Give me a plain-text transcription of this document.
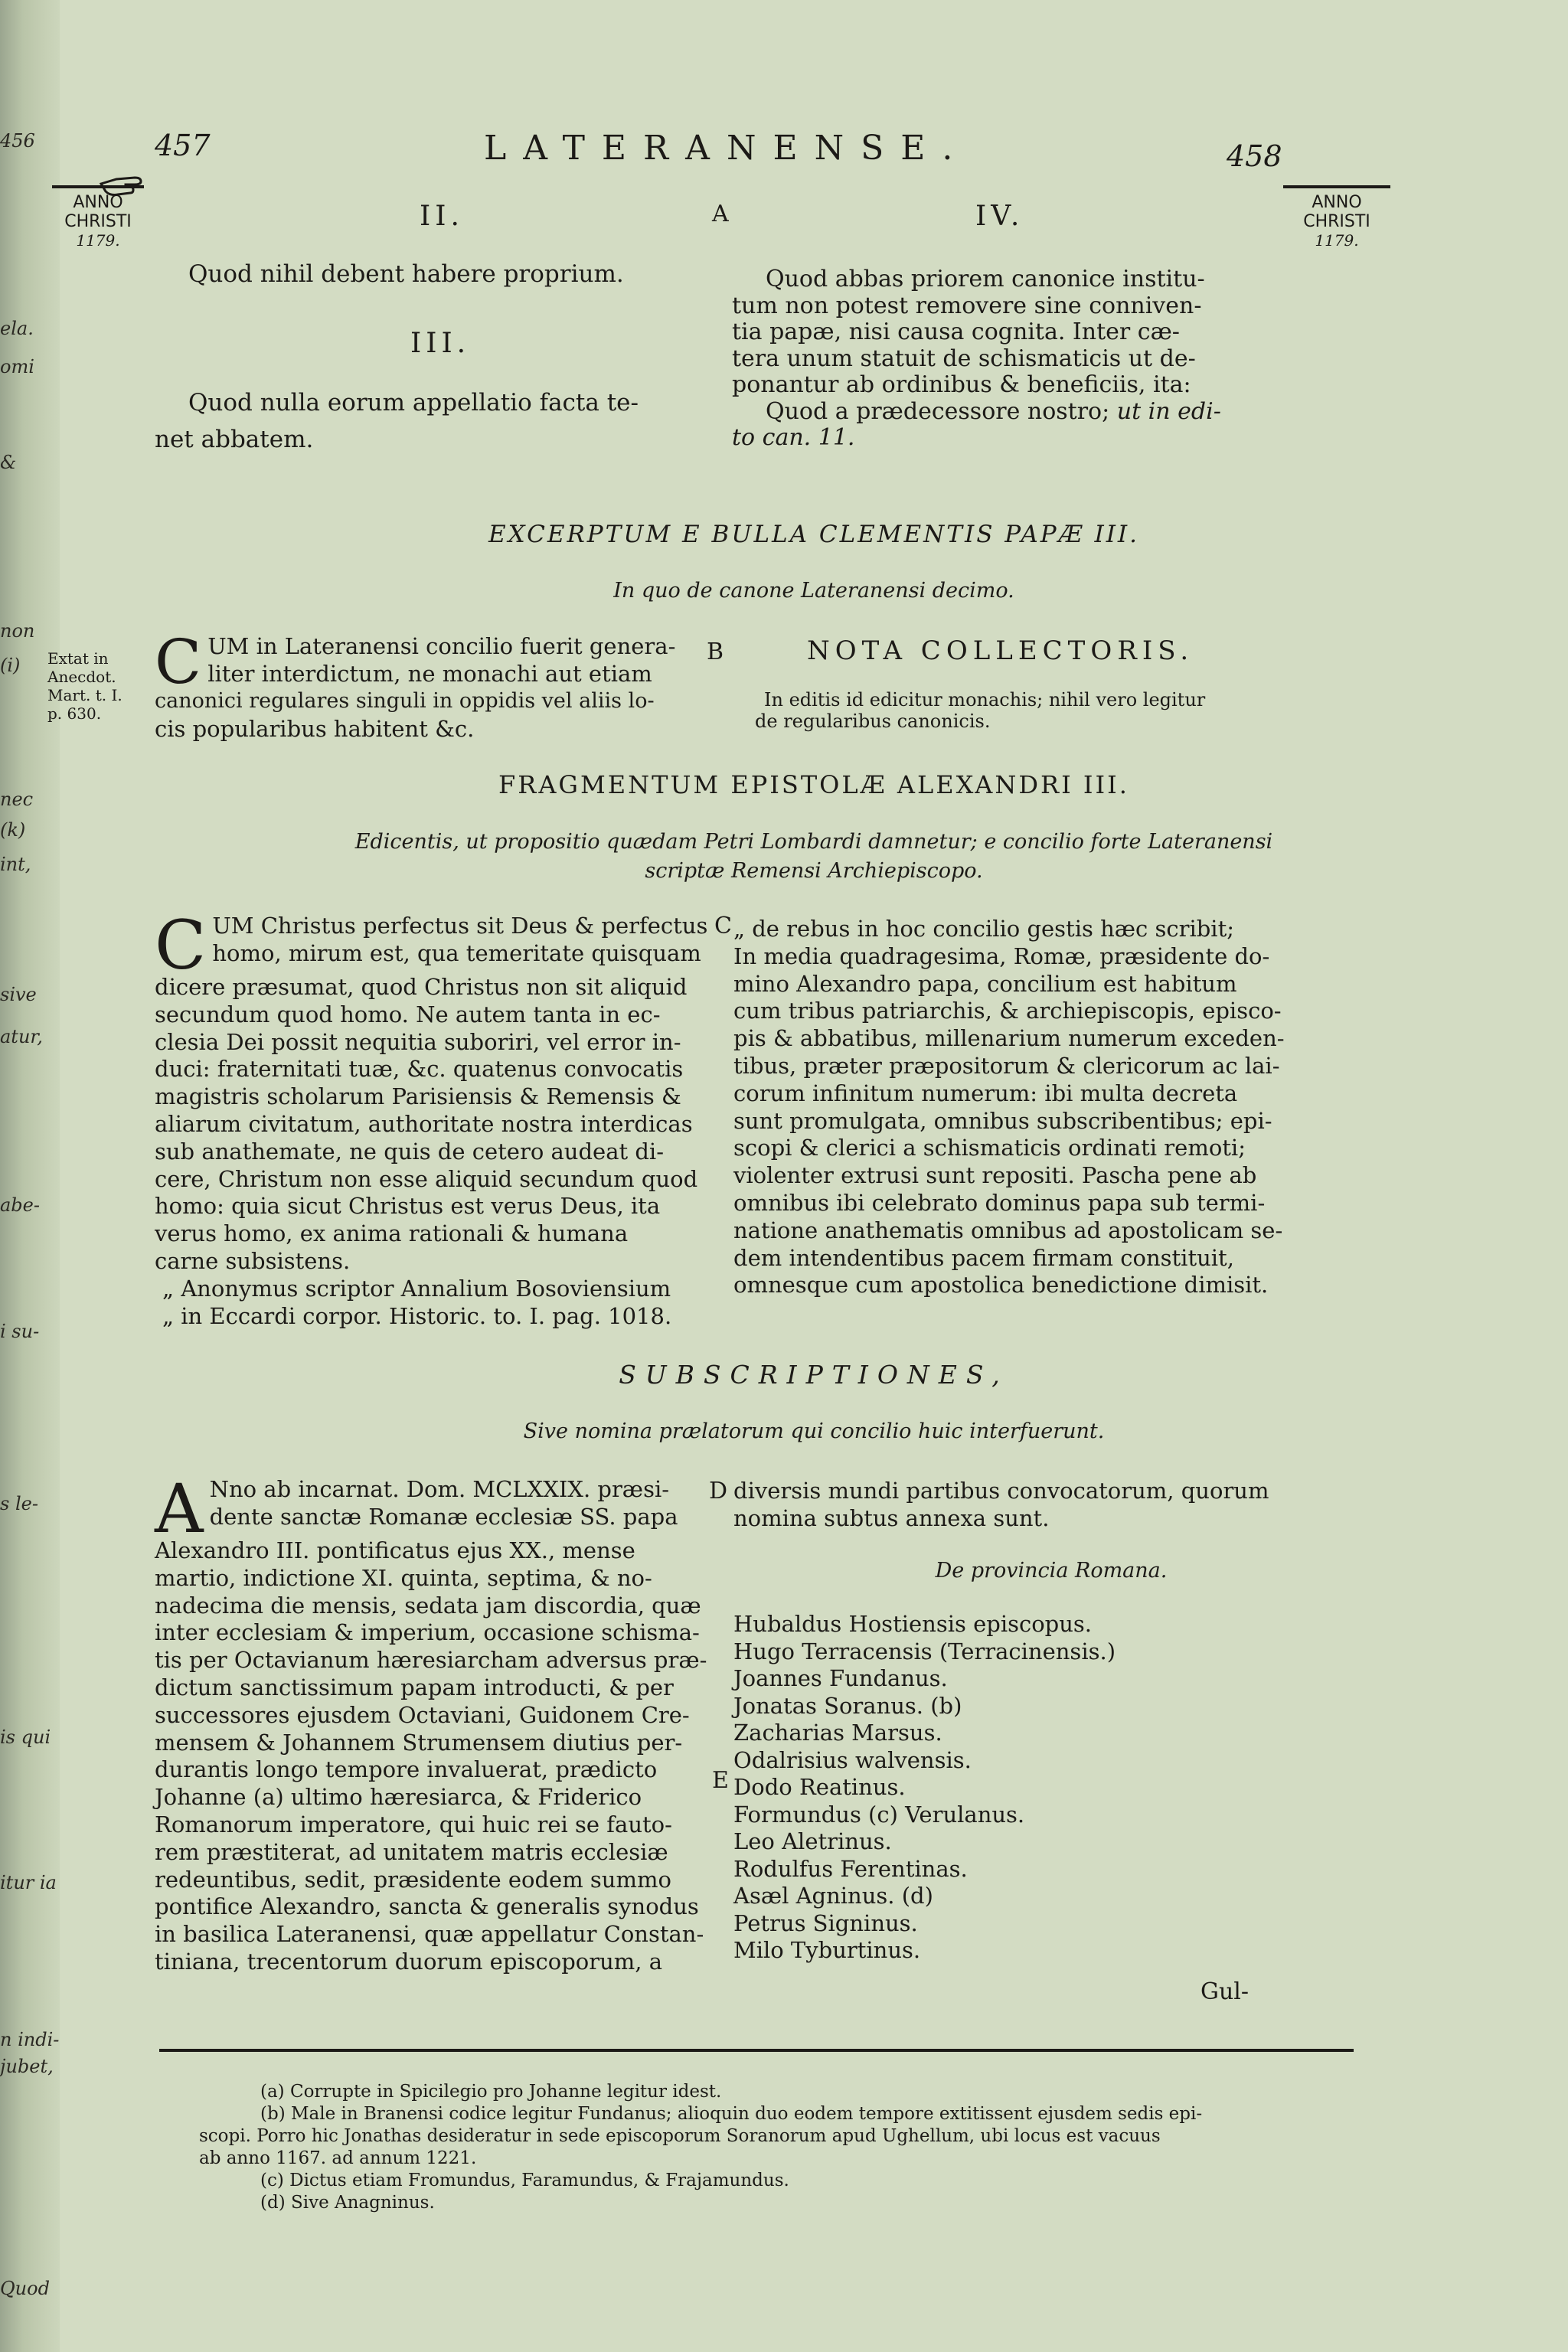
456
ela.
omi
&
non
(i)
nec
(k)
int,
sive
atur,
abe-
i su-
s le-
is qui
itur ia
n indi-
jubet,
Quod
457	LATERANENSE.	458
ANNO
CHRISTI
1179.
ANNO
CHRISTI
1179.
A
B
C
D
E
II.

Quod nihil debent habere proprium.

III.

Quod nulla eorum appellatio facta te-

net abbatem.

IV.
Quod abbas priorem canonice institu-
tum non potest removere sine conniven-
tia papæ, nisi causa cognita. Inter cæ-
tera unum statuit de schismaticis ut de-
ponantur ab ordinibus & beneficiis, ita:
Quod a prædecessore nostro; ut in edi-
to can. 11.
EXCERPTUM E BULLA CLEMENTIS PAPÆ III.
In quo de canone Lateranensi decimo.
Extat in
Anecdot.
Mart. t. I.
p. 630.
C UM in Lateranensi concilio fuerit genera-
liter interdictum, ne monachi aut etiam
canonici regulares singuli in oppidis vel aliis lo-
cis popularibus habitent &c.
NOTA COLLECTORIS.
In editis id edicitur monachis; nihil vero legitur
de regularibus canonicis.
FRAGMENTUM EPISTOLÆ ALEXANDRI III.
Edicentis, ut propositio quædam Petri Lombardi damnetur; e concilio forte Lateranensi
scriptæ Remensi Archiepiscopo.
C UM Christus perfectus sit Deus & perfectus
homo, mirum est, qua temeritate quisquam
dicere præsumat, quod Christus non sit aliquid
secundum quod homo. Ne autem tanta in ec-
clesia Dei possit nequitia suboriri, vel error in-
duci: fraternitati tuæ, &c. quatenus convocatis
magistris scholarum Parisiensis & Remensis &
aliarum civitatum, authoritate nostra interdicas
sub anathemate, ne quis de cetero audeat di-
cere, Christum non esse aliquid secundum quod
homo: quia sicut Christus est verus Deus, ita
verus homo, ex anima rationali & humana
carne subsistens.
„ Anonymus scriptor Annalium Bosoviensium
„ in Eccardi corpor. Historic. to. I. pag. 1018.
„ de rebus in hoc concilio gestis hæc scribit;
In media quadragesima, Romæ, præsidente do-
mino Alexandro papa, concilium est habitum
cum tribus patriarchis, & archiepiscopis, episco-
pis & abbatibus, millenarium numerum exceden-
tibus, præter præpositorum & clericorum ac lai-
corum infinitum numerum: ibi multa decreta
sunt promulgata, omnibus subscribentibus; epi-
scopi & clerici a schismaticis ordinati remoti;
violenter extrusi sunt repositi. Pascha pene ab
omnibus ibi celebrato dominus papa sub termi-
natione anathematis omnibus ad apostolicam se-
dem intendentibus pacem firmam constituit,
omnesque cum apostolica benedictione dimisit.
SUBSCRIPTIONES,
Sive nomina prælatorum qui concilio huic interfuerunt.
A Nno ab incarnat. Dom. MCLXXIX. præsi-
dente sanctæ Romanæ ecclesiæ SS. papa
Alexandro III. pontificatus ejus XX., mense
martio, indictione XI. quinta, septima, & no-
nadecima die mensis, sedata jam discordia, quæ
inter ecclesiam & imperium, occasione schisma-
tis per Octavianum hæresiarcham adversus præ-
dictum sanctissimum papam introducti, & per
successores ejusdem Octaviani, Guidonem Cre-
mensem & Johannem Strumensem diutius per-
durantis longo tempore invaluerat, prædicto
Johanne (a) ultimo hæresiarca, & Friderico
Romanorum imperatore, qui huic rei se fauto-
rem præstiterat, ad unitatem matris ecclesiæ
redeuntibus, sedit, præsidente eodem summo
pontifice Alexandro, sancta & generalis synodus
in basilica Lateranensi, quæ appellatur Constan-
tiniana, trecentorum duorum episcoporum, a
diversis mundi partibus convocatorum, quorum
nomina subtus annexa sunt.
De provincia Romana.
Hubaldus Hostiensis episcopus.
Hugo Terracensis (Terracinensis.)
Joannes Fundanus.
Jonatas Soranus. (b)
Zacharias Marsus.
Odalrisius walvensis.
Dodo Reatinus.
Formundus (c) Verulanus.
Leo Aletrinus.
Rodulfus Ferentinas.
Asæl Agninus. (d)
Petrus Signinus.
Milo Tyburtinus.
Gul-
(a) Corrupte in Spicilegio pro Johanne legitur idest.
(b) Male in Branensi codice legitur Fundanus; alioquin duo eodem tempore extitissent ejusdem sedis epi-
scopi. Porro hic Jonathas desideratur in sede episcoporum Soranorum apud Ughellum, ubi locus est vacuus
ab anno 1167. ad annum 1221.
(c) Dictus etiam Fromundus, Faramundus, & Frajamundus.
(d) Sive Anagninus.
